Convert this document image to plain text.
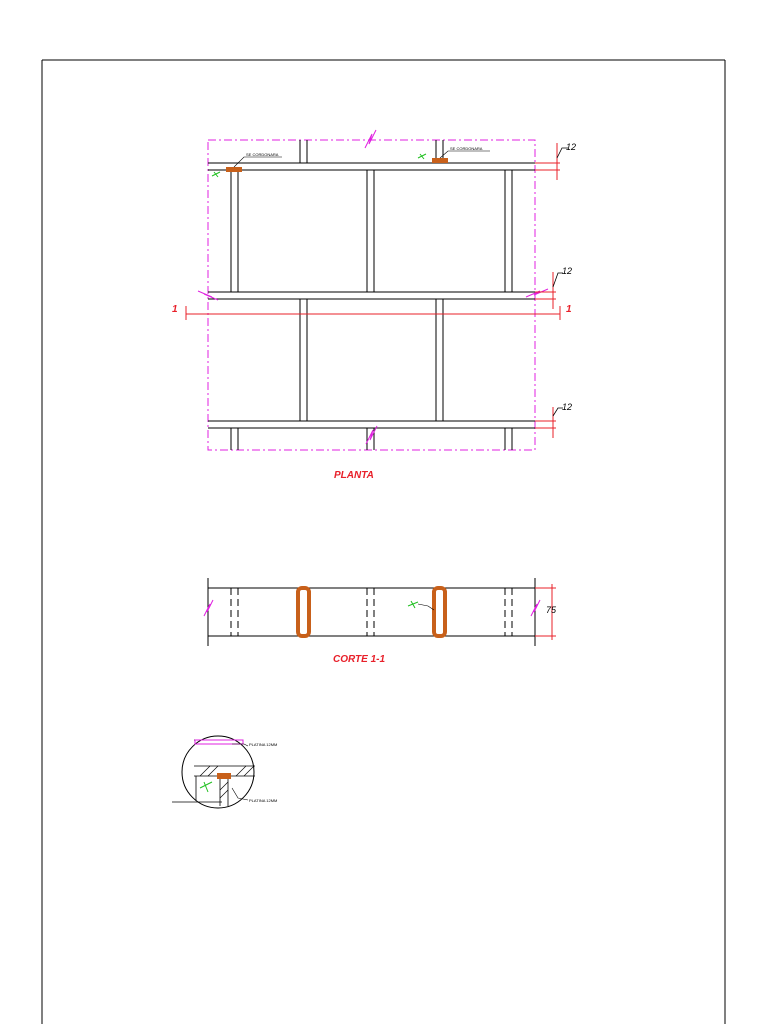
SE CORDONARA
SE CORDONARA
1	1
12
12
12
PLANTA
75
CORTE 1-1
PLATINA 12MM
PLATINA 12MM
